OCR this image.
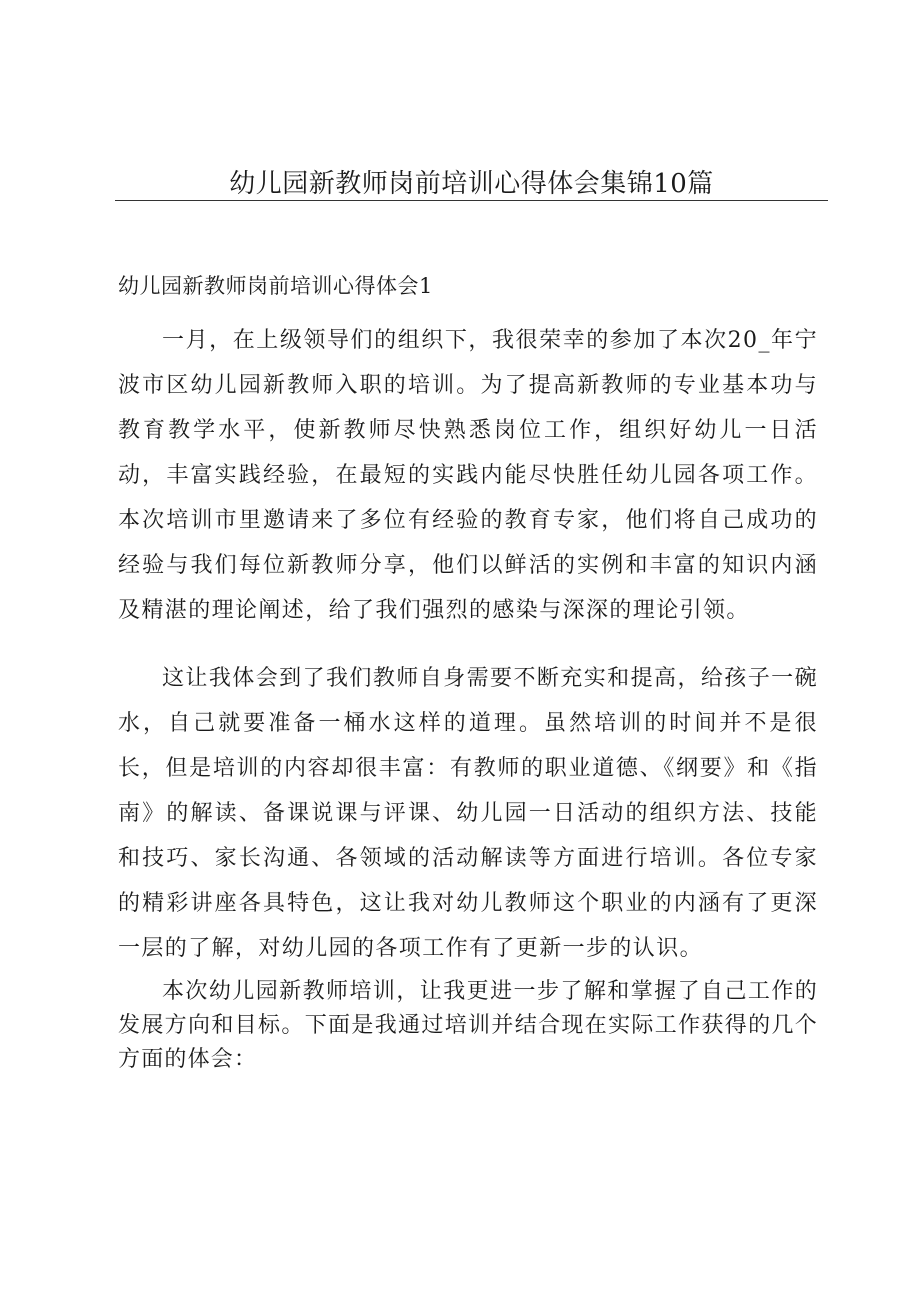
幼儿园新教师岗前培训心得体会集锦10篇
幼儿园新教师岗前培训心得体会1

一月，在上级领导们的组织下，我很荣幸的参加了本次20_年宁波市区幼儿园新教师入职的培训。为了提高新教师的专业基本功与教育教学水平，使新教师尽快熟悉岗位工作，组织好幼儿一日活动，丰富实践经验，在最短的实践内能尽快胜任幼儿园各项工作。本次培训市里邀请来了多位有经验的教育专家，他们将自己成功的经验与我们每位新教师分享，他们以鲜活的实例和丰富的知识内涵及精湛的理论阐述，给了我们强烈的感染与深深的理论引领。

这让我体会到了我们教师自身需要不断充实和提高，给孩子一碗水，自己就要准备一桶水这样的道理。虽然培训的时间并不是很长，但是培训的内容却很丰富：有教师的职业道德、《纲要》和《指南》的解读、备课说课与评课、幼儿园一日活动的组织方法、技能和技巧、家长沟通、各领域的活动解读等方面进行培训。各位专家的精彩讲座各具特色，这让我对幼儿教师这个职业的内涵有了更深一层的了解，对幼儿园的各项工作有了更新一步的认识。

本次幼儿园新教师培训，让我更进一步了解和掌握了自己工作的发展方向和目标。下面是我通过培训并结合现在实际工作获得的几个方面的体会：
